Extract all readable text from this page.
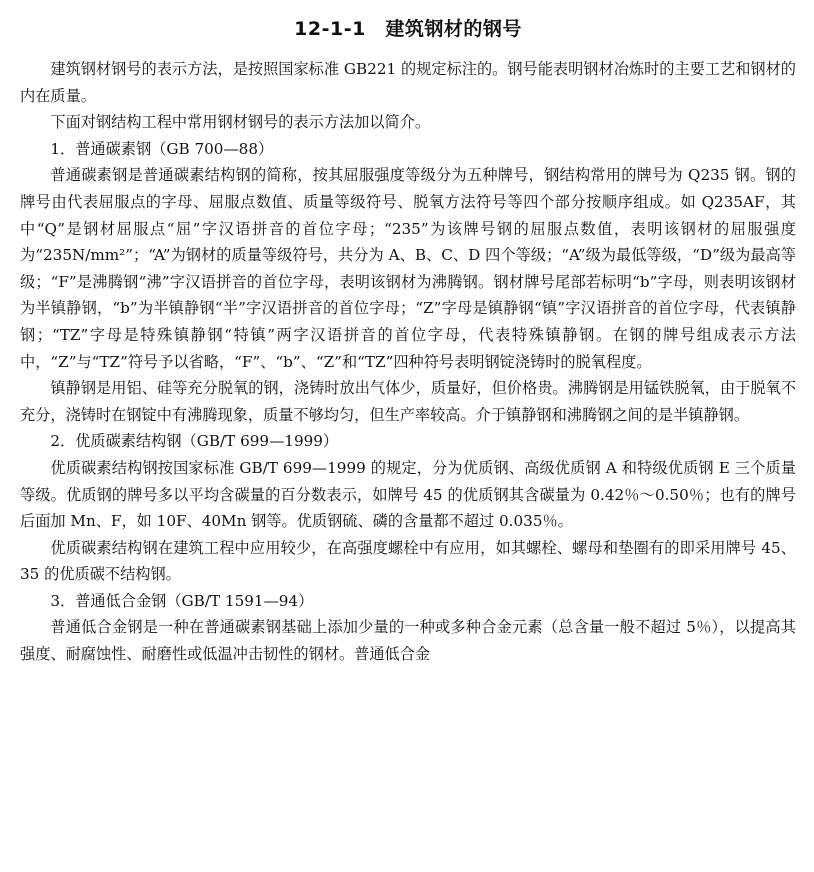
12-1-1　建筑钢材的钢号

建筑钢材钢号的表示方法，是按照国家标准 GB221 的规定标注的。钢号能表明钢材冶炼时的主要工艺和钢材的内在质量。

下面对钢结构工程中常用钢材钢号的表示方法加以简介。

1．普通碳素钢（GB 700—88）

普通碳素钢是普通碳素结构钢的简称，按其屈服强度等级分为五种牌号，钢结构常用的牌号为 Q235 钢。钢的牌号由代表屈服点的字母、屈服点数值、质量等级符号、脱氧方法符号等四个部分按顺序组成。如 Q235AF，其中“Q”是钢材屈服点“屈”字汉语拼音的首位字母；“235”为该牌号钢的屈服点数值，表明该钢材的屈服强度为“235N/mm²”；“A”为钢材的质量等级符号，共分为 A、B、C、D 四个等级；“A”级为最低等级，“D”级为最高等级；“F”是沸腾钢“沸”字汉语拼音的首位字母，表明该钢材为沸腾钢。钢材牌号尾部若标明“b”字母，则表明该钢材为半镇静钢，“b”为半镇静钢“半”字汉语拼音的首位字母；“Z”字母是镇静钢“镇”字汉语拼音的首位字母，代表镇静钢；“TZ”字母是特殊镇静钢“特镇”两字汉语拼音的首位字母，代表特殊镇静钢。在钢的牌号组成表示方法中，“Z”与“TZ”符号予以省略，“F”、“b”、“Z”和“TZ”四种符号表明钢锭浇铸时的脱氧程度。

镇静钢是用铝、硅等充分脱氧的钢，浇铸时放出气体少，质量好，但价格贵。沸腾钢是用锰铁脱氧，由于脱氧不充分，浇铸时在钢锭中有沸腾现象，质量不够均匀，但生产率较高。介于镇静钢和沸腾钢之间的是半镇静钢。

2．优质碳素结构钢（GB/T 699—1999）

优质碳素结构钢按国家标准 GB/T 699—1999 的规定，分为优质钢、高级优质钢 A 和特级优质钢 E 三个质量等级。优质钢的牌号多以平均含碳量的百分数表示，如牌号 45 的优质钢其含碳量为 0.42％～0.50％；也有的牌号后面加 Mn、F，如 10F、40Mn 钢等。优质钢硫、磷的含量都不超过 0.035％。

优质碳素结构钢在建筑工程中应用较少，在高强度螺栓中有应用，如其螺栓、螺母和垫圈有的即采用牌号 45、35 的优质碳不结构钢。

3．普通低合金钢（GB/T 1591—94）

普通低合金钢是一种在普通碳素钢基础上添加少量的一种或多种合金元素（总含量一般不超过 5％），以提高其强度、耐腐蚀性、耐磨性或低温冲击韧性的钢材。普通低合金
